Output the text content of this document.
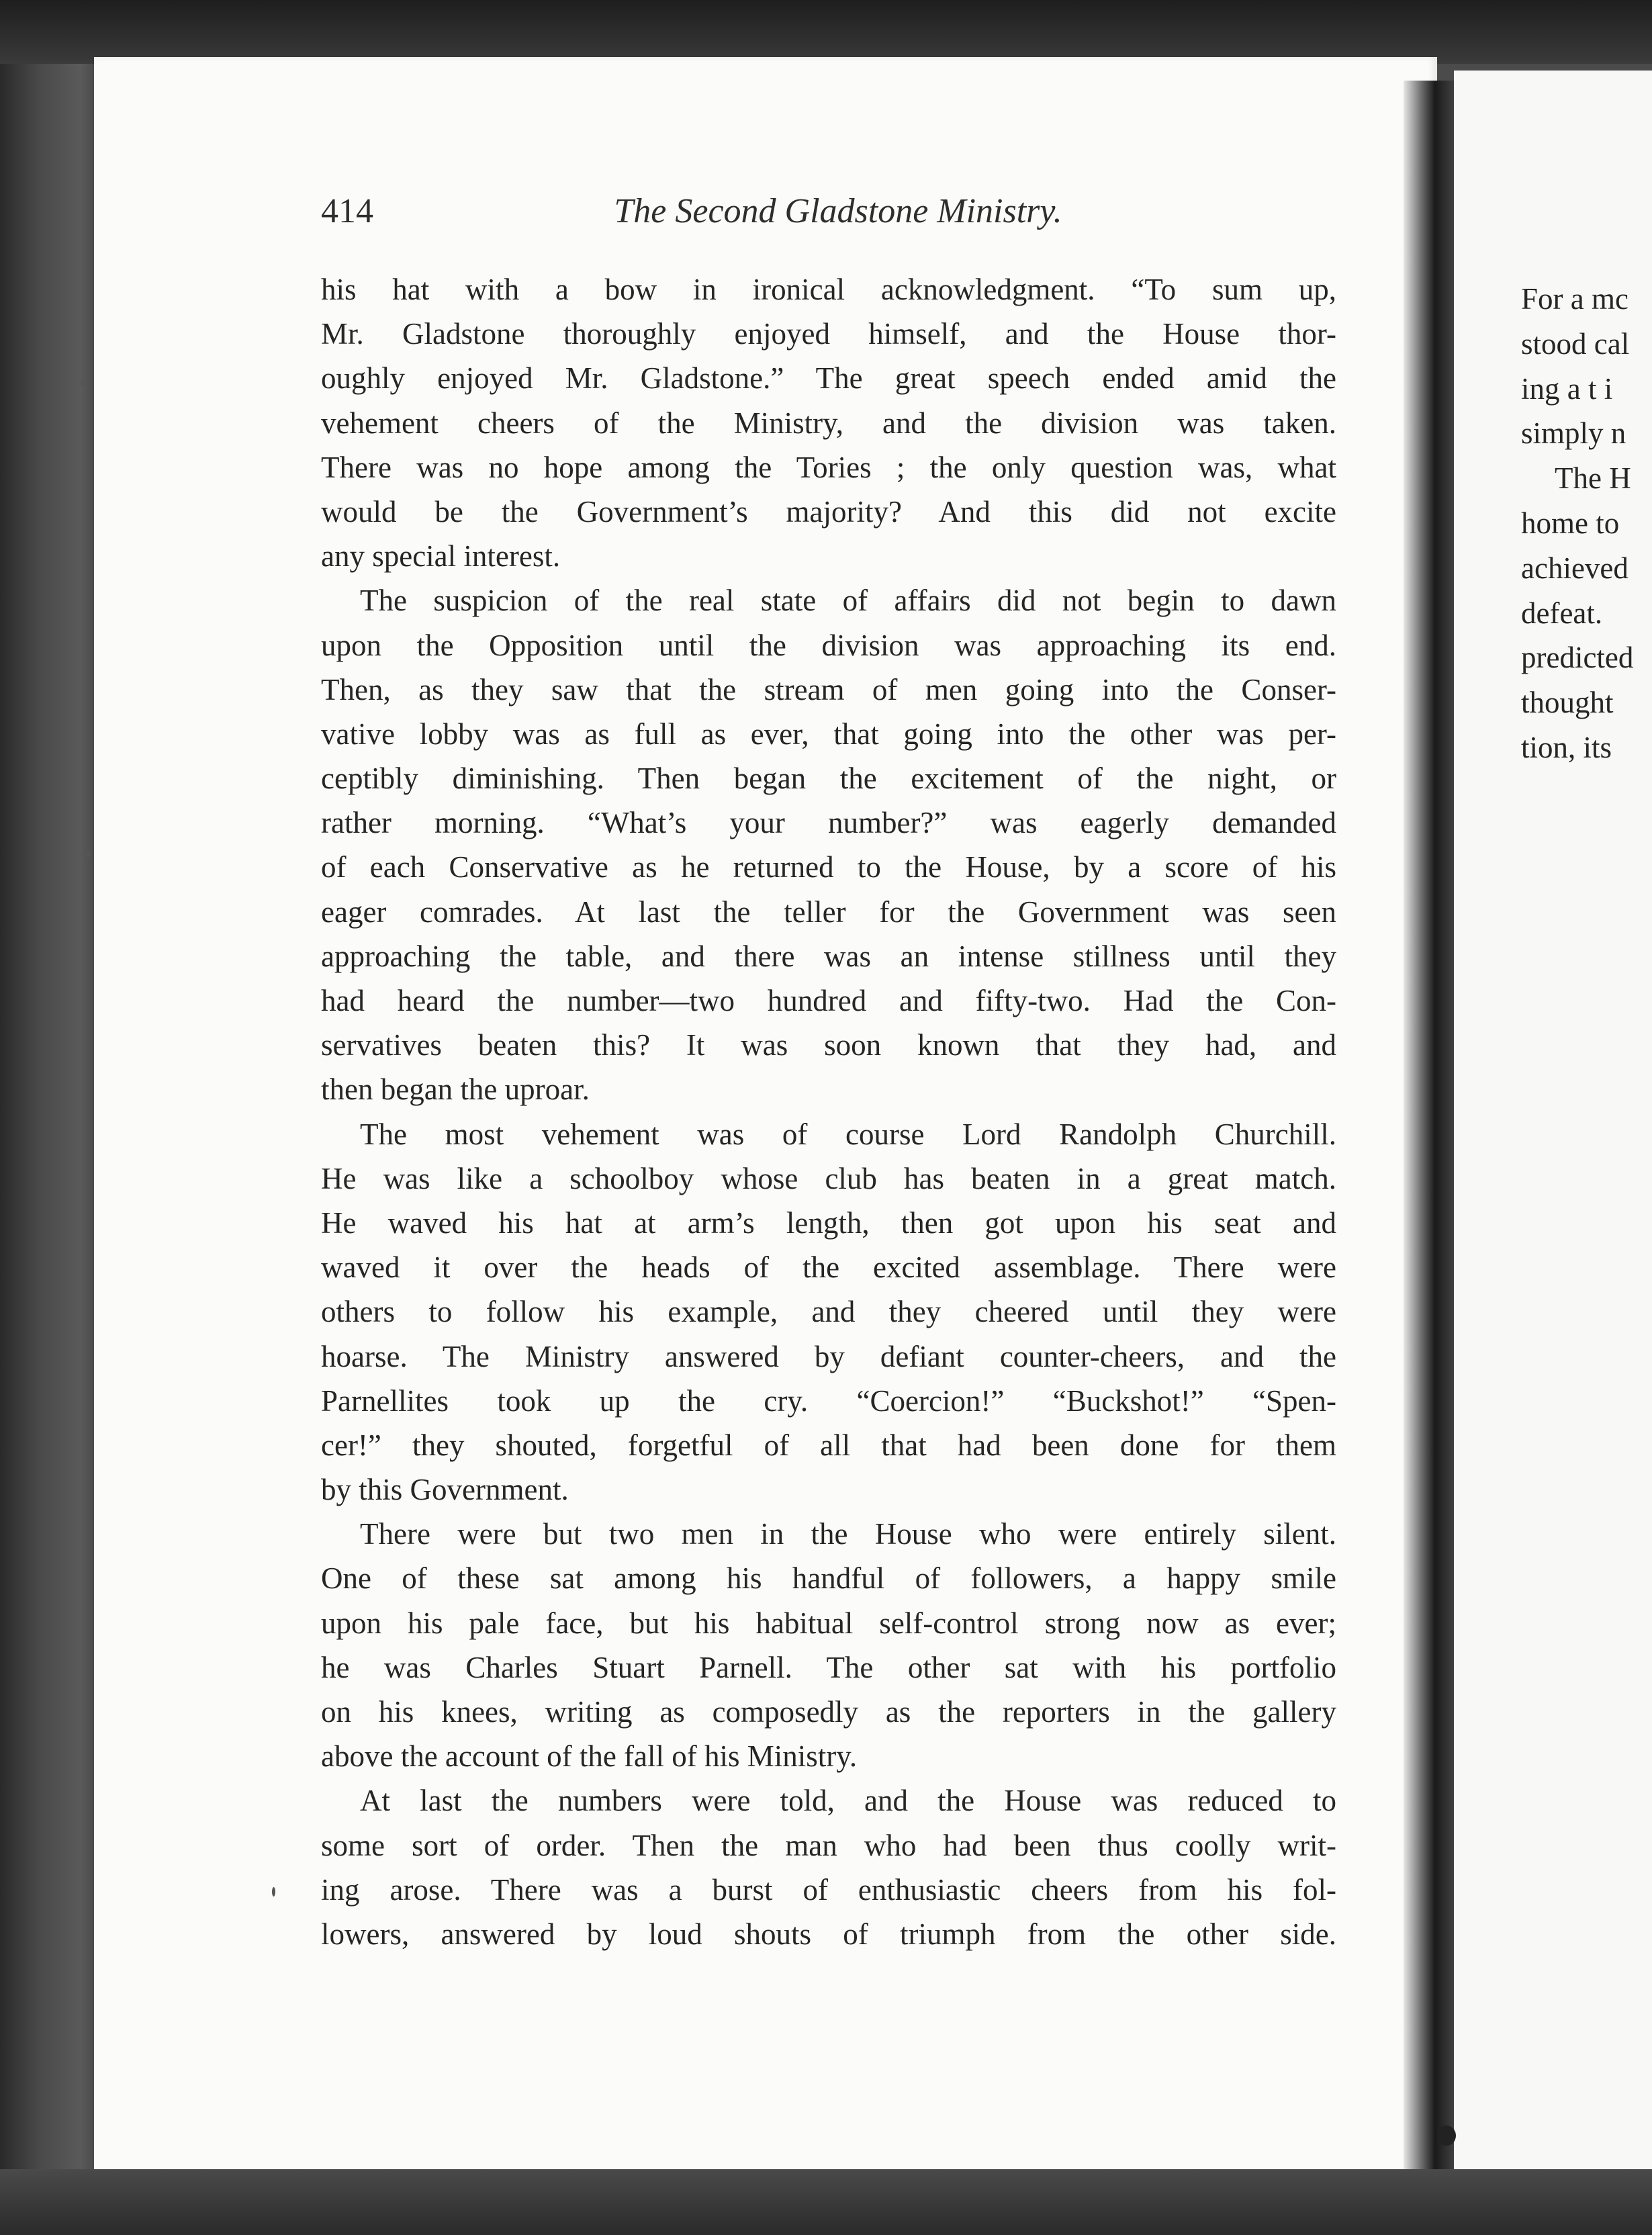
414	The Second Gladstone Ministry.
his hat with a bow in ironical acknowledgment. “To sum up,
Mr. Gladstone thoroughly enjoyed himself, and the House thor-
oughly enjoyed Mr. Gladstone.” The great speech ended amid the
vehement cheers of the Ministry, and the division was taken.
There was no hope among the Tories ; the only question was, what
would be the Government’s majority? And this did not excite
any special interest.
The suspicion of the real state of affairs did not begin to dawn
upon the Opposition until the division was approaching its end.
Then, as they saw that the stream of men going into the Conser-
vative lobby was as full as ever, that going into the other was per-
ceptibly diminishing. Then began the excitement of the night, or
rather morning. “What’s your number?” was eagerly demanded
of each Conservative as he returned to the House, by a score of his
eager comrades. At last the teller for the Government was seen
approaching the table, and there was an intense stillness until they
had heard the number—two hundred and fifty-two. Had the Con-
servatives beaten this? It was soon known that they had, and
then began the uproar.
The most vehement was of course Lord Randolph Churchill.
He was like a schoolboy whose club has beaten in a great match.
He waved his hat at arm’s length, then got upon his seat and
waved it over the heads of the excited assemblage. There were
others to follow his example, and they cheered until they were
hoarse. The Ministry answered by defiant counter-cheers, and the
Parnellites took up the cry. “Coercion!” “Buckshot!” “Spen-
cer!” they shouted, forgetful of all that had been done for them
by this Government.
There were but two men in the House who were entirely silent.
One of these sat among his handful of followers, a happy smile
upon his pale face, but his habitual self-control strong now as ever;
he was Charles Stuart Parnell. The other sat with his portfolio
on his knees, writing as composedly as the reporters in the gallery
above the account of the fall of his Ministry.
At last the numbers were told, and the House was reduced to
some sort of order. Then the man who had been thus coolly writ-
ing arose. There was a burst of enthusiastic cheers from his fol-
lowers, answered by loud shouts of triumph from the other side.
For a mc
stood cal
ing a t i
simply n
The H
home to
achieved
defeat.
predicted
thought
tion, its
